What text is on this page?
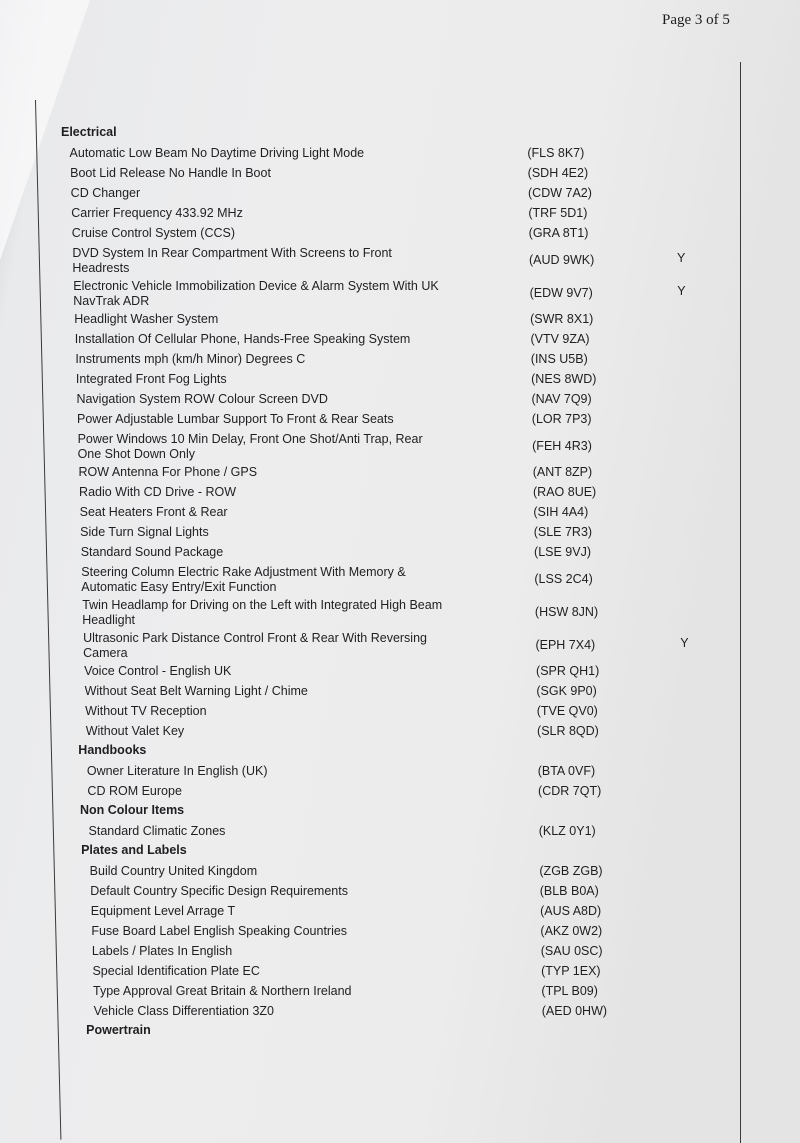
Page 3 of 5
Electrical
Automatic Low Beam No Daytime Driving Light Mode	(FLS 8K7)
Boot Lid Release No Handle In Boot	(SDH 4E2)
CD Changer	(CDW 7A2)
Carrier Frequency 433.92 MHz	(TRF 5D1)
Cruise Control System (CCS)	(GRA 8T1)
DVD System In Rear Compartment With Screens to Front
Headrests
(AUD 9WK)	Y
Electronic Vehicle Immobilization Device & Alarm System With UK
NavTrak ADR
(EDW 9V7)	Y
Headlight Washer System	(SWR 8X1)
Installation Of Cellular Phone, Hands-Free Speaking System	(VTV 9ZA)
Instruments mph (km/h Minor) Degrees C	(INS U5B)
Integrated Front Fog Lights	(NES 8WD)
Navigation System ROW Colour Screen DVD	(NAV 7Q9)
Power Adjustable Lumbar Support To Front & Rear Seats	(LOR 7P3)
Power Windows 10 Min Delay, Front One Shot/Anti Trap, Rear
One Shot Down Only
(FEH 4R3)
ROW Antenna For Phone / GPS	(ANT 8ZP)
Radio With CD Drive - ROW	(RAO 8UE)
Seat Heaters Front & Rear	(SIH 4A4)
Side Turn Signal Lights	(SLE 7R3)
Standard Sound Package	(LSE 9VJ)
Steering Column Electric Rake Adjustment With Memory &
Automatic Easy Entry/Exit Function
(LSS 2C4)
Twin Headlamp for Driving on the Left with Integrated High Beam
Headlight
(HSW 8JN)
Ultrasonic Park Distance Control Front & Rear With Reversing
Camera
(EPH 7X4)	Y
Voice Control - English UK	(SPR QH1)
Without Seat Belt Warning Light / Chime	(SGK 9P0)
Without TV Reception	(TVE QV0)
Without Valet Key	(SLR 8QD)
Handbooks
Owner Literature In English (UK)	(BTA 0VF)
CD ROM Europe	(CDR 7QT)
Non Colour Items
Standard Climatic Zones	(KLZ 0Y1)
Plates and Labels
Build Country United Kingdom	(ZGB ZGB)
Default Country Specific Design Requirements	(BLB B0A)
Equipment Level Arrage T	(AUS A8D)
Fuse Board Label English Speaking Countries	(AKZ 0W2)
Labels / Plates In English	(SAU 0SC)
Special Identification Plate EC	(TYP 1EX)
Type Approval Great Britain & Northern Ireland	(TPL B09)
Vehicle Class Differentiation 3Z0	(AED 0HW)
Powertrain
